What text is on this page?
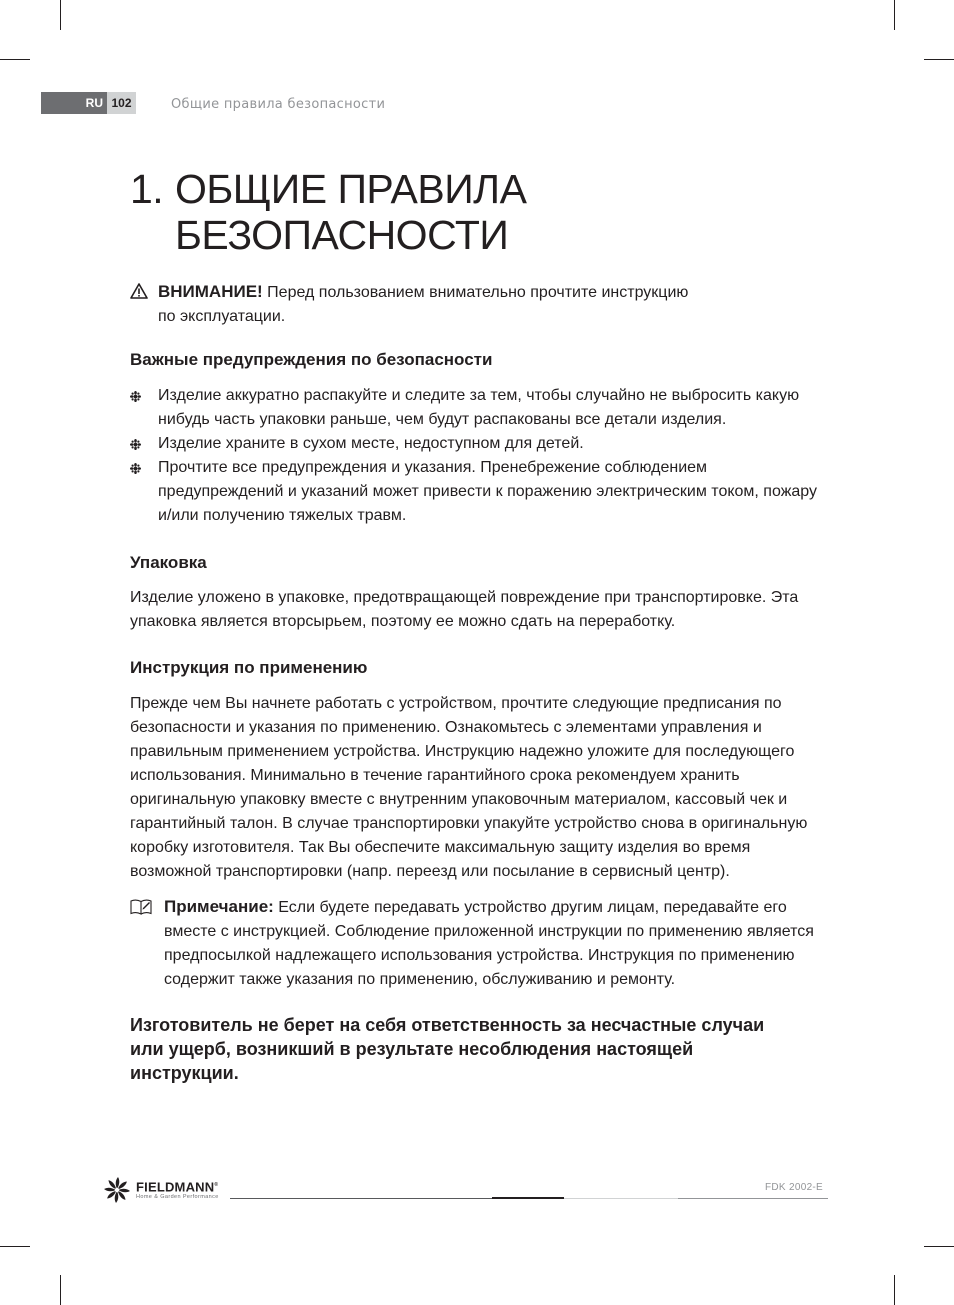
RU 102	Общие правила безопасности
1. ОБЩИЕ ПРАВИЛА
БЕЗОПАСНОСТИ
ВНИМАНИЕ! Перед пользованием внимательно прочтите инструкцию
по эксплуатации.
Важные предупреждения по безопасности
Изделие аккуратно распакуйте и следите за тем, чтобы случайно не выбросить какую нибудь часть упаковки раньше, чем будут распакованы все детали изделия.
Изделие храните в сухом месте, недоступном для детей.
Прочтите все предупреждения и указания. Пренебрежение соблюдением предупреждений и указаний может привести к поражению электрическим током, пожару и/или получению тяжелых травм.
Упаковка

Изделие уложено в упаковке, предотвращающей повреждение при транспортировке. Эта упаковка является вторсырьем, поэтому ее можно сдать на переработку.

Инструкция по применению

Прежде чем Вы начнете работать с устройством, прочтите следующие предписания по безопасности и указания по применению. Ознакомьтесь с элементами управления и правильным применением устройства. Инструкцию надежно уложите для последующего использования. Минимально в течение гарантийного срока рекомендуем хранить оригинальную упаковку вместе с внутренним упаковочным материалом, кассовый чек и гарантийный талон. В случае транспортировки упакуйте устройство снова в оригинальную коробку изготовителя. Так Вы обеспечите максимальную защиту изделия во время возможной транспортировки (напр. переезд или посылание в сервисный центр).

Примечание: Если будете передавать устройство другим лицам, передавайте его вместе с инструкцией. Соблюдение приложенной инструкции по применению является предпосылкой надлежащего использования устройства. Инструкция по применению содержит также указания по применению, обслуживанию и ремонту.

Изготовитель не берет на себя ответственность за несчастные случаи или ущерб, возникший в результате несоблюдения настоящей инструкции.

FIELDMANN®
Home & Garden Performance
FDK 2002-E
